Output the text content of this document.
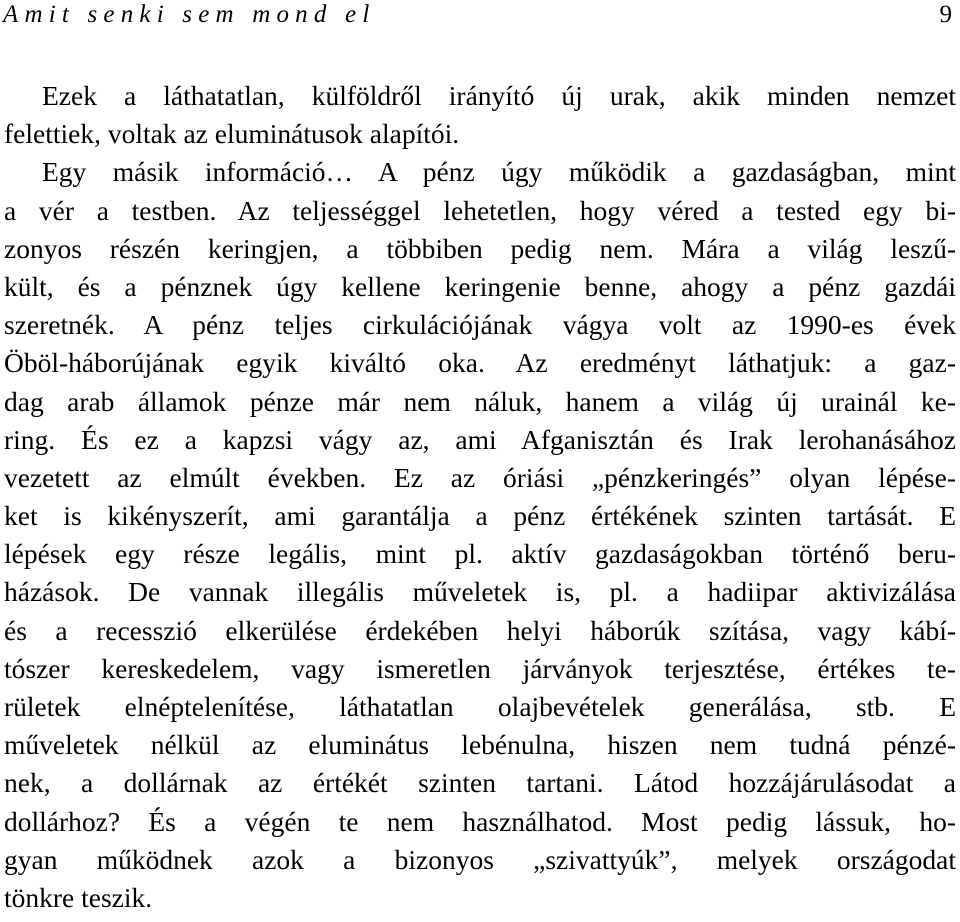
Amit senki sem mond el	9
Ezek a láthatatlan, külföldről irányító új urak, akik minden nemzet
felettiek, voltak az eluminátusok alapítói.
Egy másik információ… A pénz úgy működik a gazdaságban, mint
a vér a testben. Az teljességgel lehetetlen, hogy véred a tested egy bi-
zonyos részén keringjen, a többiben pedig nem. Mára a világ leszű-
kült, és a pénznek úgy kellene keringenie benne, ahogy a pénz gazdái
szeretnék. A pénz teljes cirkulációjának vágya volt az 1990-es évek
Öböl-háborújának egyik kiváltó oka. Az eredményt láthatjuk: a gaz-
dag arab államok pénze már nem náluk, hanem a világ új urainál ke-
ring. És ez a kapzsi vágy az, ami Afganisztán és Irak lerohanásához
vezetett az elmúlt években. Ez az óriási „pénzkeringés” olyan lépése-
ket is kikényszerít, ami garantálja a pénz értékének szinten tartását. E
lépések egy része legális, mint pl. aktív gazdaságokban történő beru-
házások. De vannak illegális műveletek is, pl. a hadiipar aktivizálása
és a recesszió elkerülése érdekében helyi háborúk szítása, vagy kábí-
tószer kereskedelem, vagy ismeretlen járványok terjesztése, értékes te-
rületek elnéptelenítése, láthatatlan olajbevételek generálása, stb. E
műveletek nélkül az eluminátus lebénulna, hiszen nem tudná pénzé-
nek, a dollárnak az értékét szinten tartani. Látod hozzájárulásodat a
dollárhoz? És a végén te nem használhatod. Most pedig lássuk, ho-
gyan működnek azok a bizonyos „szivattyúk”, melyek országodat
tönkre teszik.
